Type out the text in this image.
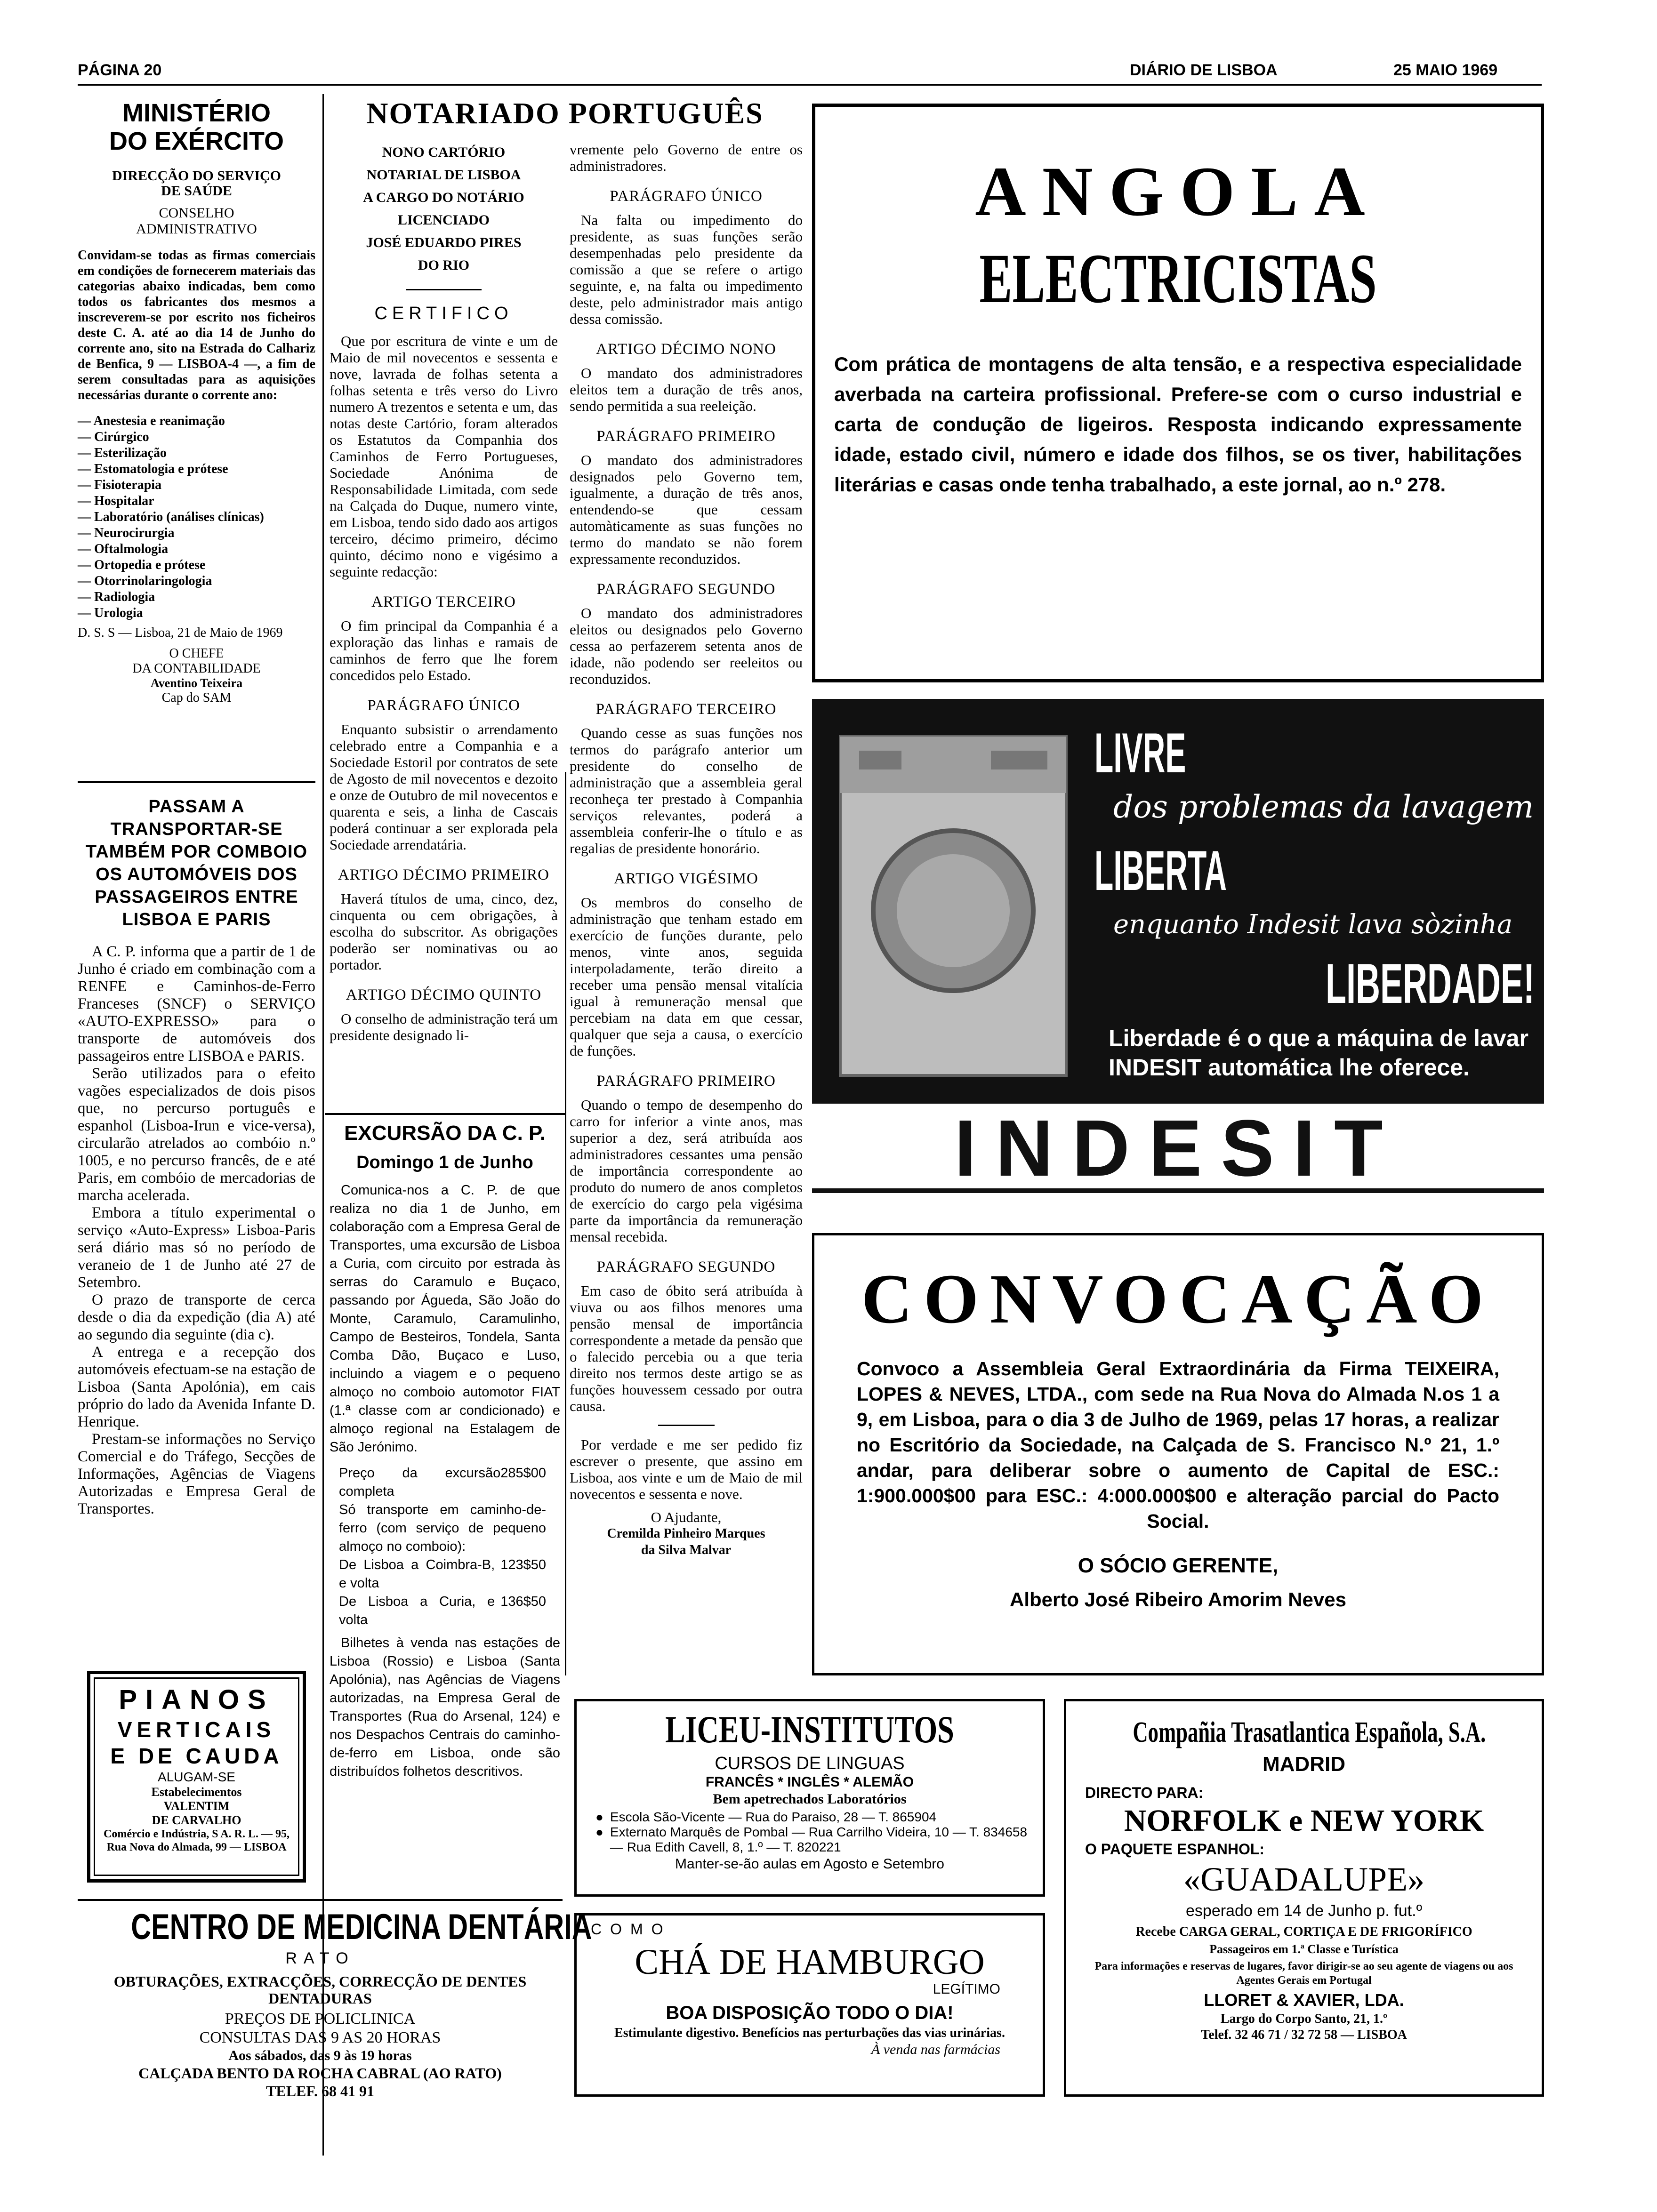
PÁGINA 20	DIÁRIO DE LISBOA	25 MAIO 1969
MINISTÉRIO
DO EXÉRCITO
DIRECÇÃO DO SERVIÇO
DE SAÚDE
CONSELHO
ADMINISTRATIVO

Convidam-se todas as firmas comerciais em condições de fornecerem materiais das categorias abaixo indicadas, bem como todos os fabricantes dos mesmos a inscreverem-se por escrito nos ficheiros deste C. A. até ao dia 14 de Junho do corrente ano, sito na Estrada do Calhariz de Benfica, 9 — LISBOA-4 —, a fim de serem consultadas para as aquisições necessárias durante o corrente ano:

— Anestesia e reanimação
— Cirúrgico
— Esterilização
— Estomatologia e prótese
— Fisioterapia
— Hospitalar
— Laboratório (análises clínicas)
— Neurocirurgia
— Oftalmologia
— Ortopedia e prótese
— Otorrinolaringologia
— Radiologia
— Urologia

D. S. S — Lisboa, 21 de Maio de 1969

O CHEFE
DA CONTABILIDADE
Aventino Teixeira
Cap do SAM
PASSAM A TRANSPORTAR-SE TAMBÉM POR COMBOIO OS AUTOMÓVEIS DOS PASSAGEIROS ENTRE LISBOA E PARIS

A C. P. informa que a partir de 1 de Junho é criado em combinação com a RENFE e Caminhos-de-Ferro Franceses (SNCF) o SERVIÇO «AUTO-EXPRESSO» para o transporte de automóveis dos passageiros entre LISBOA e PARIS.

Serão utilizados para o efeito vagões especializados de dois pisos que, no percurso português e espanhol (Lisboa-Irun e vice-versa), circularão atrelados ao combóio n.º 1005, e no percurso francês, de e até Paris, em combóio de mercadorias de marcha acelerada.

Embora a título experimental o serviço «Auto-Express» Lisboa-Paris será diário mas só no período de veraneio de 1 de Junho até 27 de Setembro.

O prazo de transporte de cerca desde o dia da expedição (dia A) até ao segundo dia seguinte (dia c).

A entrega e a recepção dos automóveis efectuam-se na estação de Lisboa (Santa Apolónia), em cais próprio do lado da Avenida Infante D. Henrique.

Prestam-se informações no Serviço Comercial e do Tráfego, Secções de Informações, Agências de Viagens Autorizadas e Empresa Geral de Transportes.

PIANOS
VERTICAIS
E DE CAUDA
ALUGAM-SE
Estabelecimentos
VALENTIM
DE CARVALHO
Comércio e Indústria, S A. R. L. — 95, Rua Nova do Almada, 99 — LISBOA
CENTRO DE MEDICINA DENTÁRIA
RATO
OBTURAÇÕES, EXTRACÇÕES, CORRECÇÃO DE DENTES DENTADURAS
PREÇOS DE POLICLINICA
CONSULTAS DAS 9 AS 20 HORAS
Aos sábados, das 9 às 19 horas
CALÇADA BENTO DA ROCHA CABRAL (AO RATO)
TELEF. 68 41 91
NOTARIADO PORTUGUÊS
NONO CARTÓRIO
NOTARIAL DE LISBOA
A CARGO DO NOTÁRIO
LICENCIADO
JOSÉ EDUARDO PIRES
DO RIO
CERTIFICO

Que por escritura de vinte e um de Maio de mil novecentos e sessenta e nove, lavrada de folhas setenta a folhas setenta e três verso do Livro numero A trezentos e setenta e um, das notas deste Cartório, foram alterados os Estatutos da Companhia dos Caminhos de Ferro Portugueses, Sociedade Anónima de Responsabilidade Limitada, com sede na Calçada do Duque, numero vinte, em Lisboa, tendo sido dado aos artigos terceiro, décimo primeiro, décimo quinto, décimo nono e vigésimo a seguinte redacção:

ARTIGO TERCEIRO

O fim principal da Companhia é a exploração das linhas e ramais de caminhos de ferro que lhe forem concedidos pelo Estado.

PARÁGRAFO ÚNICO

Enquanto subsistir o arrendamento celebrado entre a Companhia e a Sociedade Estoril por contratos de sete de Agosto de mil novecentos e dezoito e onze de Outubro de mil novecentos e quarenta e seis, a linha de Cascais poderá continuar a ser explorada pela Sociedade arrendatária.

ARTIGO DÉCIMO PRIMEIRO

Haverá títulos de uma, cinco, dez, cinquenta ou cem obrigações, à escolha do subscritor. As obrigações poderão ser nominativas ou ao portador.

ARTIGO DÉCIMO QUINTO

O conselho de administração terá um presidente designado li-

EXCURSÃO DA C. P.
Domingo 1 de Junho

Comunica-nos a C. P. de que realiza no dia 1 de Junho, em colaboração com a Empresa Geral de Transportes, uma excursão de Lisboa a Curia, com circuito por estrada às serras do Caramulo e Buçaco, passando por Águeda, São João do Monte, Caramulo, Caramulinho, Campo de Besteiros, Tondela, Santa Comba Dão, Buçaco e Luso, incluindo a viagem e o pequeno almoço no comboio automotor FIAT (1.ª classe com ar condicionado) e almoço regional na Estalagem de São Jerónimo.

Preço da excursão completa
285$00
Só transporte em caminho-de-ferro (com serviço de pequeno almoço no comboio):
De Lisboa a Coimbra-B, e volta
123$50
De Lisboa a Curia, e volta
136$50

Bilhetes à venda nas estações de Lisboa (Rossio) e Lisboa (Santa Apolónia), nas Agências de Viagens autorizadas, na Empresa Geral de Transportes (Rua do Arsenal, 124) e nos Despachos Centrais do caminho-de-ferro em Lisboa, onde são distribuídos folhetos descritivos.

vremente pelo Governo de entre os administradores.

PARÁGRAFO ÚNICO

Na falta ou impedimento do presidente, as suas funções serão desempenhadas pelo presidente da comissão a que se refere o artigo seguinte, e, na falta ou impedimento deste, pelo administrador mais antigo dessa comissão.

ARTIGO DÉCIMO NONO

O mandato dos administradores eleitos tem a duração de três anos, sendo permitida a sua reeleição.

PARÁGRAFO PRIMEIRO

O mandato dos administradores designados pelo Governo tem, igualmente, a duração de três anos, entendendo-se que cessam automàticamente as suas funções no termo do mandato se não forem expressamente reconduzidos.

PARÁGRAFO SEGUNDO

O mandato dos administradores eleitos ou designados pelo Governo cessa ao perfazerem setenta anos de idade, não podendo ser reeleitos ou reconduzidos.

PARÁGRAFO TERCEIRO

Quando cesse as suas funções nos termos do parágrafo anterior um presidente do conselho de administração que a assembleia geral reconheça ter prestado à Companhia serviços relevantes, poderá a assembleia conferir-lhe o título e as regalias de presidente honorário.

ARTIGO VIGÉSIMO

Os membros do conselho de administração que tenham estado em exercício de funções durante, pelo menos, vinte anos, seguida interpoladamente, terão direito a receber uma pensão mensal vitalícia igual à remuneração mensal que percebiam na data em que cessar, qualquer que seja a causa, o exercício de funções.

PARÁGRAFO PRIMEIRO

Quando o tempo de desempenho do carro for inferior a vinte anos, mas superior a dez, será atribuída aos administradores cessantes uma pensão de importância correspondente ao produto do numero de anos completos de exercício do cargo pela vigésima parte da importância da remuneração mensal recebida.

PARÁGRAFO SEGUNDO

Em caso de óbito será atribuída à viuva ou aos filhos menores uma pensão mensal de importância correspondente a metade da pensão que o falecido percebia ou a que teria direito nos termos deste artigo se as funções houvessem cessado por outra causa.

Por verdade e me ser pedido fiz escrever o presente, que assino em Lisboa, aos vinte e um de Maio de mil novecentos e sessenta e nove.

O Ajudante,
Cremilda Pinheiro Marques
da Silva Malvar
ANGOLA
ELECTRICISTAS

Com prática de montagens de alta tensão, e a respectiva especialidade averbada na carteira profissional. Prefere-se com o curso industrial e carta de condução de ligeiros. Resposta indicando expressamente idade, estado civil, número e idade dos filhos, se os tiver, habilitações literárias e casas onde tenha trabalhado, a este jornal, ao n.º 278.

LIVRE
dos problemas da lavagem
LIBERTA
enquanto Indesit lava sòzinha
LIBERDADE!

Liberdade é o que a máquina de lavar INDESIT automática lhe oferece.

INDESIT
CONVOCAÇÃO

Convoco a Assembleia Geral Extraordinária da Firma TEIXEIRA, LOPES & NEVES, LTDA., com sede na Rua Nova do Almada N.os 1 a 9, em Lisboa, para o dia 3 de Julho de 1969, pelas 17 horas, a realizar no Escritório da Sociedade, na Calçada de S. Francisco N.º 21, 1.º andar, para deliberar sobre o aumento de Capital de ESC.: 1:900.000$00 para ESC.: 4:000.000$00 e alteração parcial do Pacto Social.

O SÓCIO GERENTE,
Alberto José Ribeiro Amorim Neves
LICEU-INSTITUTOS
CURSOS DE LINGUAS
FRANCÊS * INGLÊS * ALEMÃO
Bem apetrechados Laboratórios
● Escola São-Vicente — Rua do Paraiso, 28 — T. 865904
● Externato Marquês de Pombal — Rua Carrilho Videira, 10 — T. 834658 — Rua Edith Cavell, 8, 1.º — T. 820221
Manter-se-ão aulas em Agosto e Setembro
COMO
CHÁ DE HAMBURGO
LEGÍTIMO
BOA DISPOSIÇÃO TODO O DIA!
Estimulante digestivo. Benefícios nas perturbações das vias urinárias.
À venda nas farmácias
Compañia Trasatlantica Española, S.A.
MADRID
DIRECTO PARA:
NORFOLK e NEW YORK
O PAQUETE ESPANHOL:
«GUADALUPE»
esperado em 14 de Junho p. fut.º
Recebe CARGA GERAL, CORTIÇA E DE FRIGORÍFICO
Passageiros em 1.ª Classe e Turística
Para informações e reservas de lugares, favor dirigir-se ao seu agente de viagens ou aos Agentes Gerais em Portugal
LLORET & XAVIER, LDA.
Largo do Corpo Santo, 21, 1.º
Telef. 32 46 71 / 32 72 58 — LISBOA
